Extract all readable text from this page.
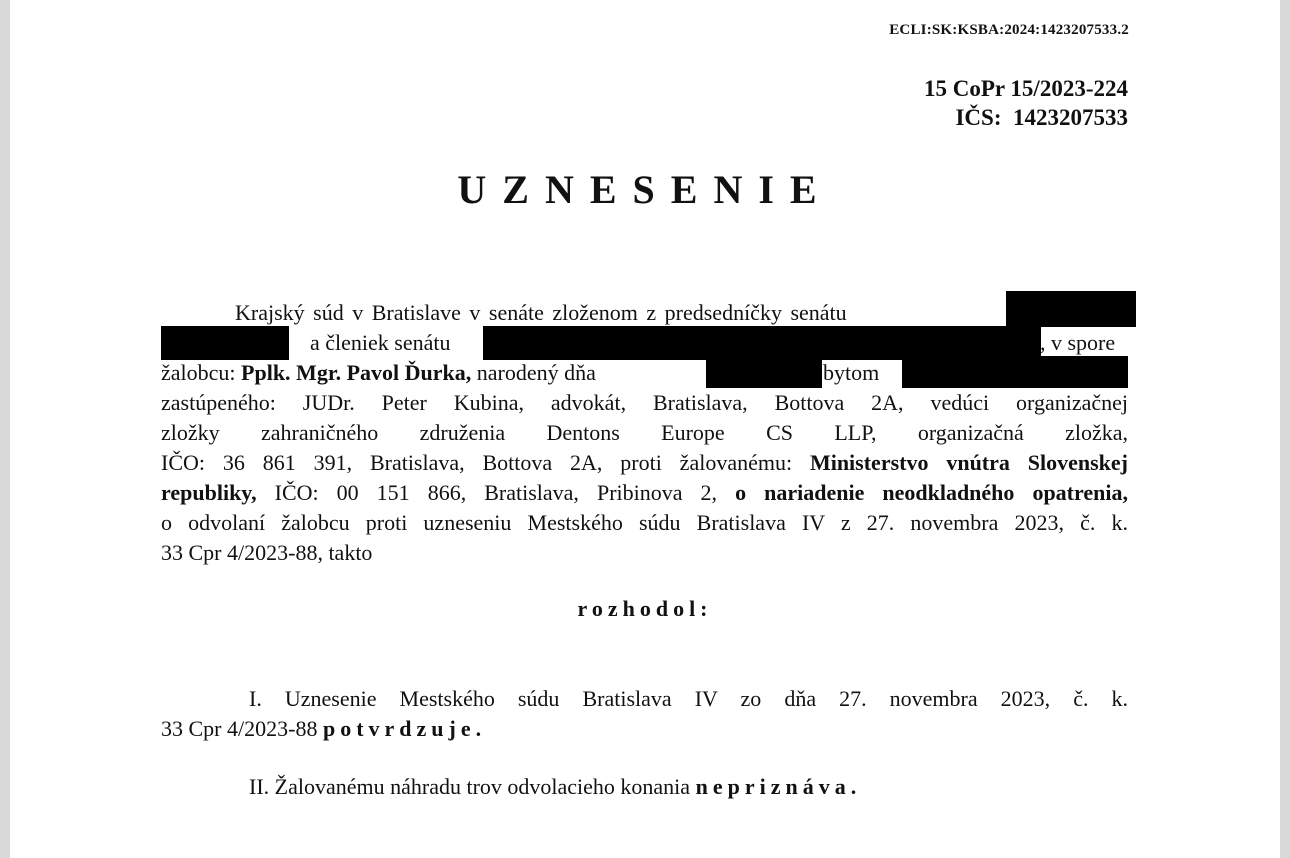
ECLI:SK:KSBA:2024:1423207533.2
15 CoPr 15/2023-224
IČS:  1423207533
UZNESENIE
Krajský súd v Bratislave v senáte zloženom z predsedníčky senátu
a členiek senátu	, v spore
žalobcu: Pplk. Mgr. Pavol Ďurka, narodený dňa	bytom
zastúpeného: JUDr. Peter Kubina, advokát, Bratislava, Bottova 2A, vedúci organizačnej
zložky zahraničného združenia Dentons Europe CS LLP, organizačná zložka,
IČO: 36 861 391, Bratislava, Bottova 2A, proti žalovanému: Ministerstvo vnútra Slovenskej
republiky, IČO: 00 151 866, Bratislava, Pribinova 2, o nariadenie neodkladného opatrenia,
o odvolaní žalobcu proti uzneseniu Mestského súdu Bratislava IV z 27. novembra 2023, č. k.
33 Cpr 4/2023-88, takto
rozhodol:
I. Uznesenie Mestského súdu Bratislava IV zo dňa 27. novembra 2023, č. k.
33 Cpr 4/2023-88 potvrdzuje.
II. Žalovanému náhradu trov odvolacieho konania nepriznáva.
